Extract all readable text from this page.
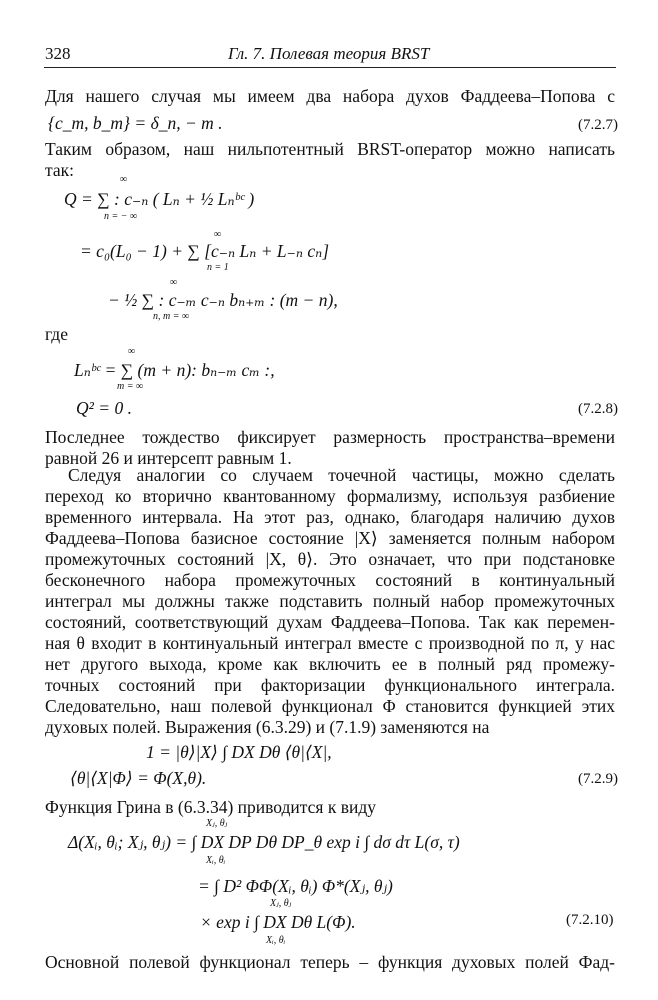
328	Гл. 7. Полевая теория BRST
Для нашего случая мы имеем два набора духов Фаддеева–Попова с
{c_m, b_m} = δ_n, − m .	(7.2.7)
Таким образом, наш нильпотентный BRST-оператор можно написать
так:	∞
Q = ∑ : c₋ₙ ( Lₙ + ½ Lₙᵇᶜ )
n = − ∞
∞
= c₀(L₀ − 1) + ∑ [c₋ₙ Lₙ + L₋ₙ cₙ]
n = 1
∞
− ½ ∑ : c₋ₘ c₋ₙ bₙ₊ₘ : (m − n),
n, m = ∞
где
∞
Lₙᵇᶜ = ∑ (m + n): bₙ₋ₘ cₘ :,
m = ∞
Q² = 0 .	(7.2.8)
Последнее тождество фиксирует размерность пространства–времени
равной 26 и интерсепт равным 1.
Следуя аналогии со случаем точечной частицы, можно сделать
переход ко вторично квантованному формализму, используя разбиение
временного интервала. На этот раз, однако, благодаря наличию духов
Фаддеева–Попова базисное состояние |X⟩ заменяется полным набором
промежуточных состояний |X, θ⟩. Это означает, что при подстановке
бесконечного набора промежуточных состояний в континуальный
интеграл мы должны также подставить полный набор промежуточных
состояний, соответствующий духам Фаддеева–Попова. Так как перемен-
ная θ входит в континуальный интеграл вместе с производной по π, у нас
нет другого выхода, кроме как включить ее в полный ряд промежу-
точных состояний при факторизации функционального интеграла.
Следовательно, наш полевой функционал Φ становится функцией этих
духовых полей. Выражения (6.3.29) и (7.1.9) заменяются на
1 = |θ⟩|X⟩ ∫ DX Dθ ⟨θ|⟨X|,
⟨θ|⟨X|Φ⟩ = Φ(X,θ).	(7.2.9)
Функция Грина в (6.3.34) приводится к виду
Xⱼ, θⱼ
Δ(Xᵢ, θᵢ; Xⱼ, θⱼ) = ∫ DX DP Dθ DP_θ exp i ∫ dσ dτ L(σ, τ)
Xᵢ, θᵢ
= ∫ D² ΦΦ(Xᵢ, θᵢ) Φ*(Xⱼ, θⱼ)
Xⱼ, θⱼ
× exp i ∫ DX Dθ L(Φ).
Xᵢ, θᵢ
(7.2.10)
Основной полевой функционал теперь – функция духовых полей Фад-
